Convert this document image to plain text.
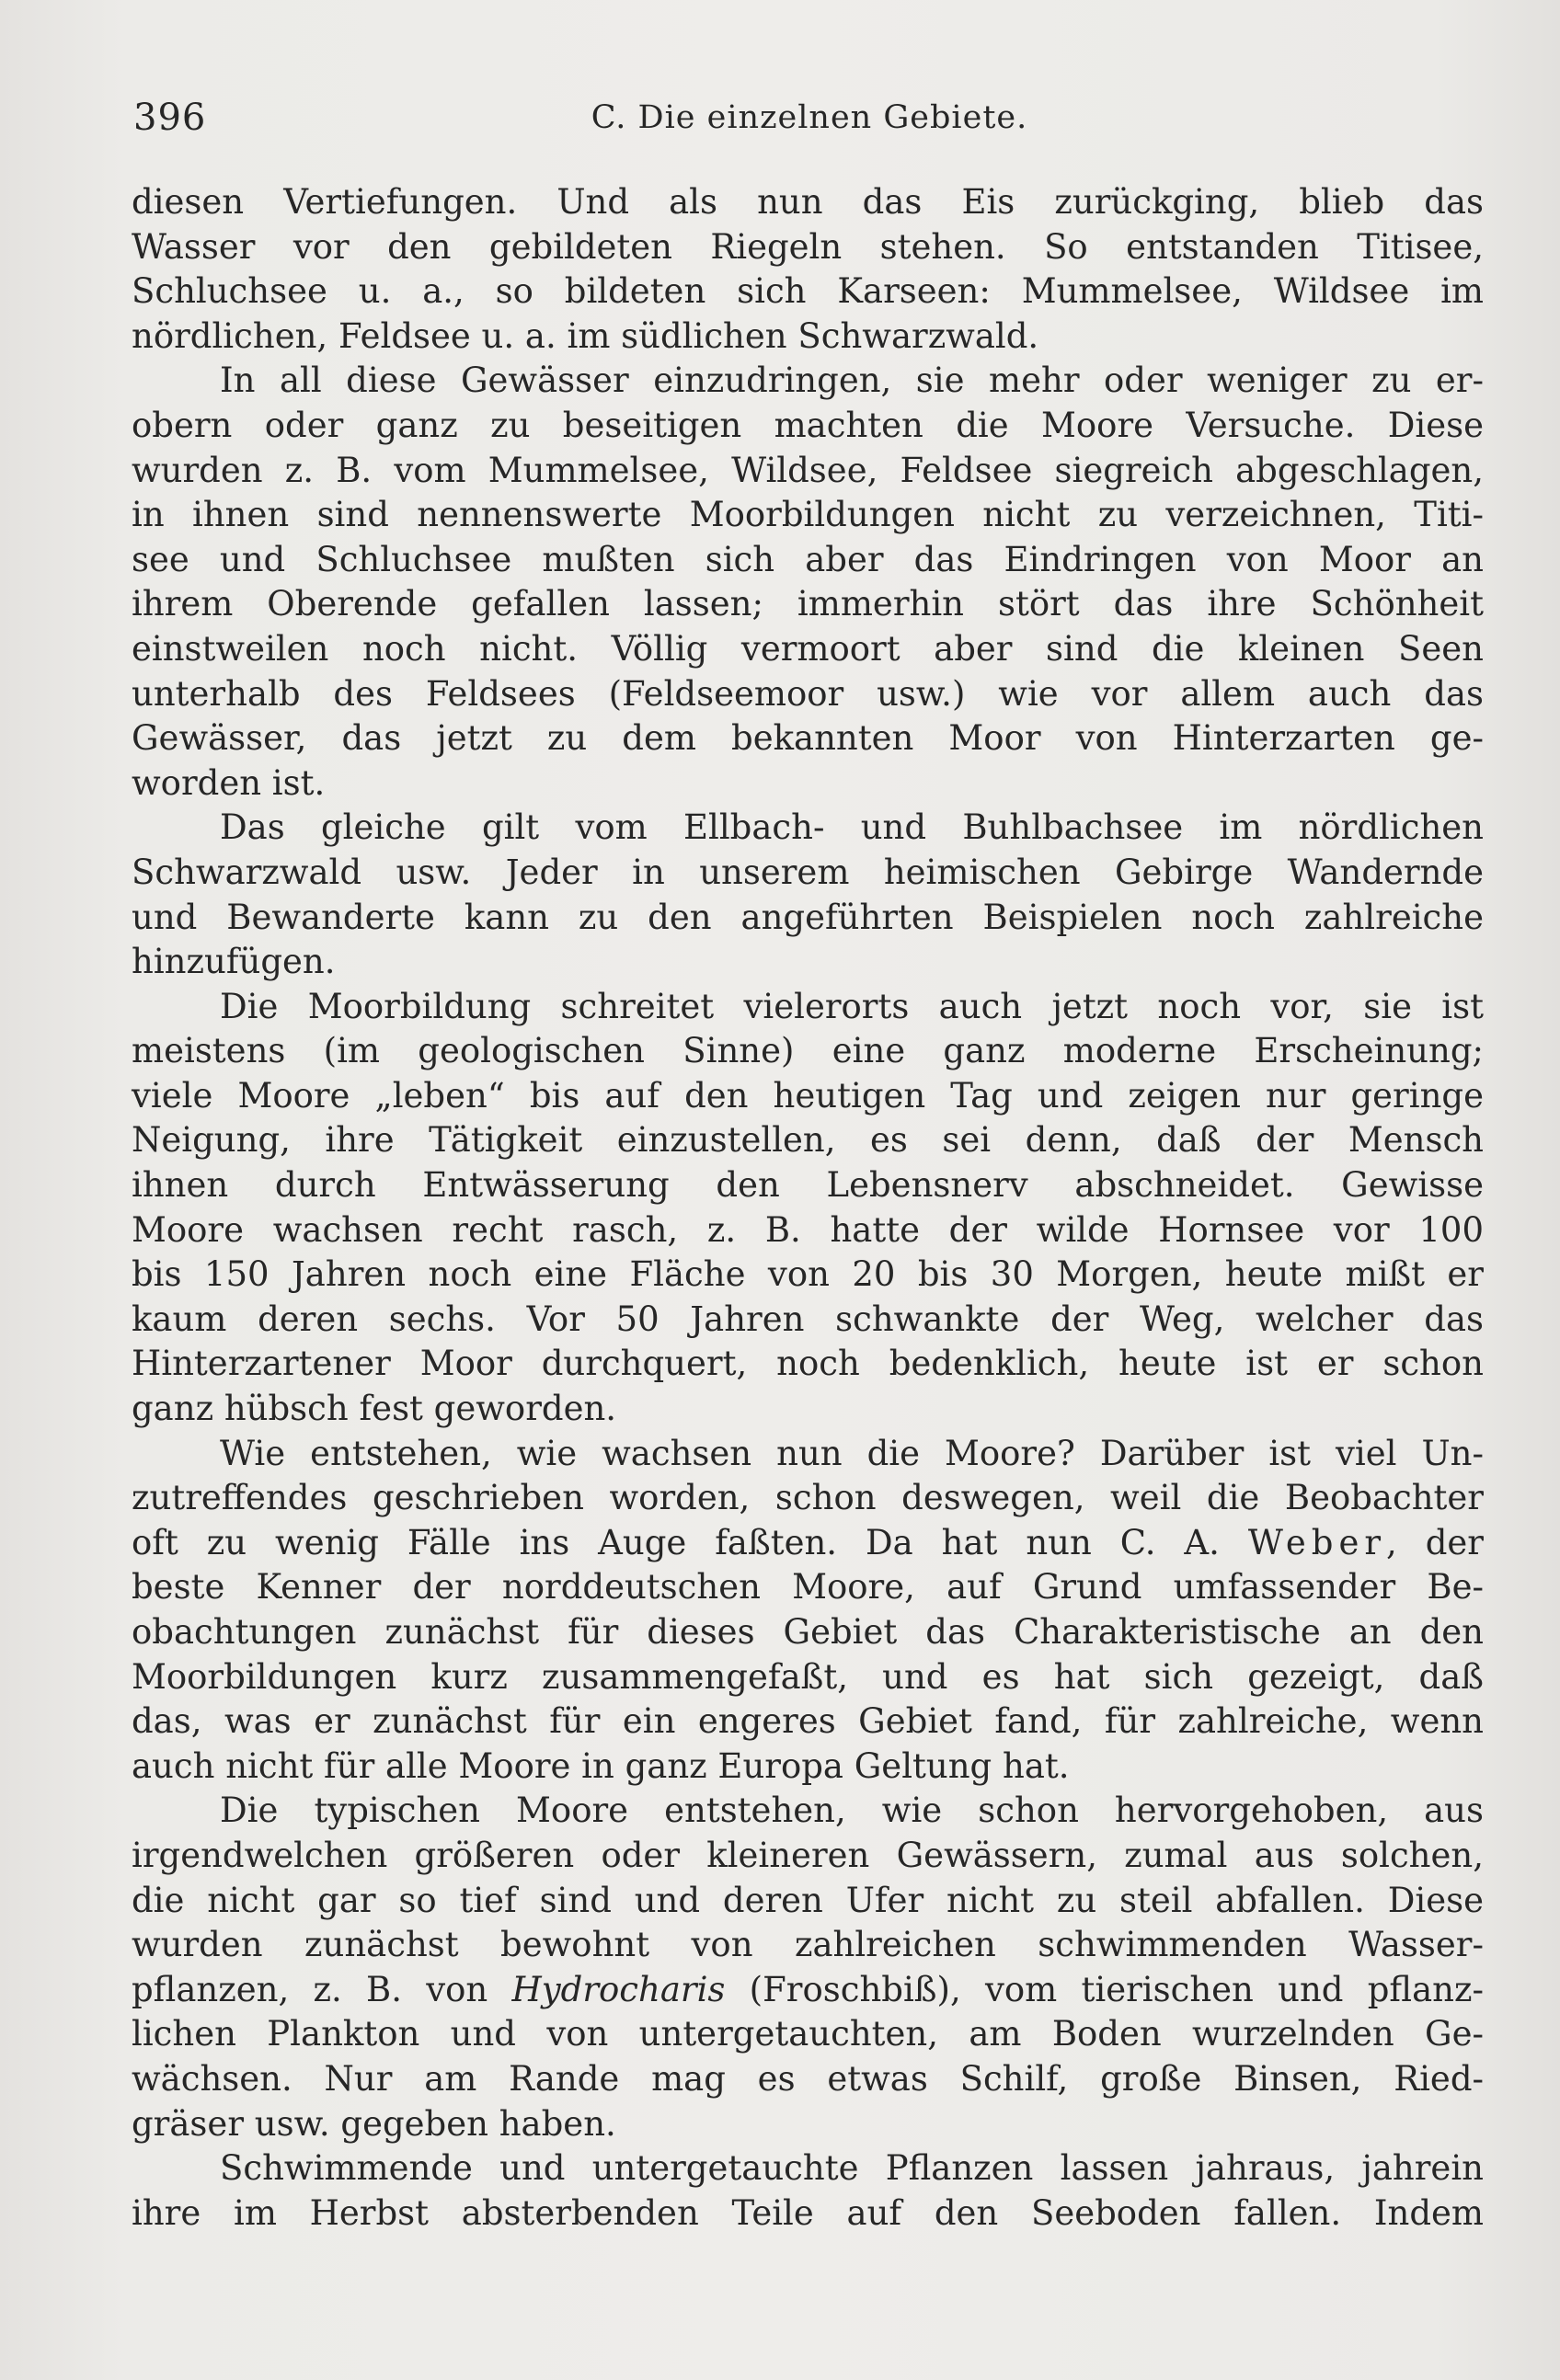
396	C. Die einzelnen Gebiete.
diesen Vertiefungen. Und als nun das Eis zurückging, blieb das
Wasser vor den gebildeten Riegeln stehen. So entstanden Titisee,
Schluchsee u. a., so bildeten sich Karseen: Mummelsee, Wildsee im
nördlichen, Feldsee u. a. im südlichen Schwarzwald.
In all diese Gewässer einzudringen, sie mehr oder weniger zu er-
obern oder ganz zu beseitigen machten die Moore Versuche. Diese
wurden z. B. vom Mummelsee, Wildsee, Feldsee siegreich abgeschlagen,
in ihnen sind nennenswerte Moorbildungen nicht zu verzeichnen, Titi-
see und Schluchsee mußten sich aber das Eindringen von Moor an
ihrem Oberende gefallen lassen; immerhin stört das ihre Schönheit
einstweilen noch nicht. Völlig vermoort aber sind die kleinen Seen
unterhalb des Feldsees (Feldseemoor usw.) wie vor allem auch das
Gewässer, das jetzt zu dem bekannten Moor von Hinterzarten ge-
worden ist.
Das gleiche gilt vom Ellbach- und Buhlbachsee im nördlichen
Schwarzwald usw. Jeder in unserem heimischen Gebirge Wandernde
und Bewanderte kann zu den angeführten Beispielen noch zahlreiche
hinzufügen.
Die Moorbildung schreitet vielerorts auch jetzt noch vor, sie ist
meistens (im geologischen Sinne) eine ganz moderne Erscheinung;
viele Moore „leben“ bis auf den heutigen Tag und zeigen nur geringe
Neigung, ihre Tätigkeit einzustellen, es sei denn, daß der Mensch
ihnen durch Entwässerung den Lebensnerv abschneidet. Gewisse
Moore wachsen recht rasch, z. B. hatte der wilde Hornsee vor 100
bis 150 Jahren noch eine Fläche von 20 bis 30 Morgen, heute mißt er
kaum deren sechs. Vor 50 Jahren schwankte der Weg, welcher das
Hinterzartener Moor durchquert, noch bedenklich, heute ist er schon
ganz hübsch fest geworden.
Wie entstehen, wie wachsen nun die Moore? Darüber ist viel Un-
zutreffendes geschrieben worden, schon deswegen, weil die Beobachter
oft zu wenig Fälle ins Auge faßten. Da hat nun C. A. Weber, der
beste Kenner der norddeutschen Moore, auf Grund umfassender Be-
obachtungen zunächst für dieses Gebiet das Charakteristische an den
Moorbildungen kurz zusammengefaßt, und es hat sich gezeigt, daß
das, was er zunächst für ein engeres Gebiet fand, für zahlreiche, wenn
auch nicht für alle Moore in ganz Europa Geltung hat.
Die typischen Moore entstehen, wie schon hervorgehoben, aus
irgendwelchen größeren oder kleineren Gewässern, zumal aus solchen,
die nicht gar so tief sind und deren Ufer nicht zu steil abfallen. Diese
wurden zunächst bewohnt von zahlreichen schwimmenden Wasser-
pflanzen, z. B. von Hydrocharis (Froschbiß), vom tierischen und pflanz-
lichen Plankton und von untergetauchten, am Boden wurzelnden Ge-
wächsen. Nur am Rande mag es etwas Schilf, große Binsen, Ried-
gräser usw. gegeben haben.
Schwimmende und untergetauchte Pflanzen lassen jahraus, jahrein
ihre im Herbst absterbenden Teile auf den Seeboden fallen. Indem
